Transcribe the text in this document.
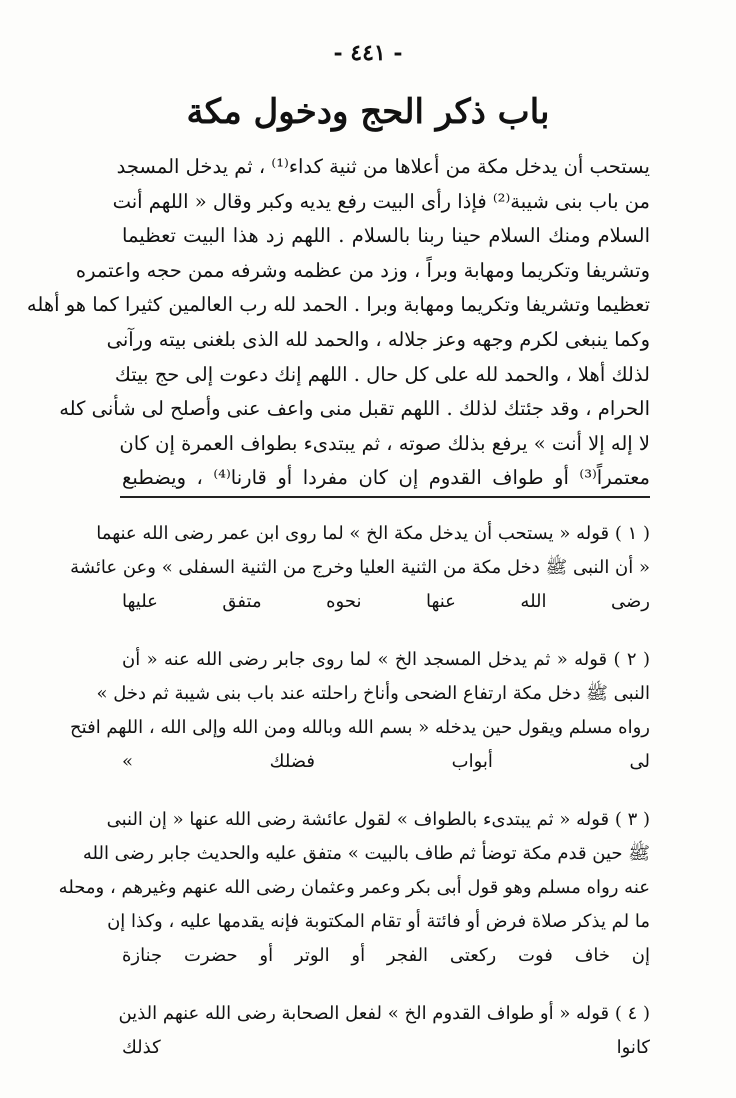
- ٤٤١ -
باب ذكر الحج ودخول مكة
يستحب أن يدخل مكة من أعلاها من ثنية كداء⁽¹⁾ ، ثم يدخل المسجد
من باب بنى شيبة⁽²⁾ فإذا رأى البيت رفع يديه وكبر وقال « اللهم أنت
السلام ومنك السلام حينا ربنا بالسلام . اللهم زد هذا البيت تعظيما
وتشريفا وتكريما ومهابة وبراً ، وزد من عظمه وشرفه ممن حجه واعتمره
تعظيما وتشريفا وتكريما ومهابة وبرا . الحمد لله رب العالمين كثيرا كما هو أهله
وكما ينبغى لكرم وجهه وعز جلاله ، والحمد لله الذى بلغنى بيته ورآنى
لذلك أهلا ، والحمد لله على كل حال . اللهم إنك دعوت إلى حج بيتك
الحرام ، وقد جئتك لذلك . اللهم تقبل منى واعف عنى وأصلح لى شأنى كله
لا إله إلا أنت » يرفع بذلك صوته ، ثم يبتدىء بطواف العمرة إن كان
معتمراً⁽³⁾ أو طواف القدوم إن كان مفردا أو قارنا⁽⁴⁾ ، ويضطبع
( ١ ) قوله « يستحب أن يدخل مكة الخ » لما روى ابن عمر رضى الله عنهما
« أن النبى ﷺ دخل مكة من الثنية العليا وخرج من الثنية السفلى » وعن عائشة
رضى الله عنها نحوه متفق عليها
( ٢ ) قوله « ثم يدخل المسجد الخ » لما روى جابر رضى الله عنه « أن
النبى ﷺ دخل مكة ارتفاع الضحى وأناخ راحلته عند باب بنى شيبة ثم دخل »
رواه مسلم ويقول حين يدخله « بسم الله وبالله ومن الله وإلى الله ، اللهم افتح
لى أبواب فضلك »
( ٣ ) قوله « ثم يبتدىء بالطواف » لقول عائشة رضى الله عنها « إن النبى
ﷺ حين قدم مكة توضأ ثم طاف بالبيت » متفق عليه والحديث جابر رضى الله
عنه رواه مسلم وهو قول أبى بكر وعمر وعثمان رضى الله عنهم وغيرهم ، ومحله
ما لم يذكر صلاة فرض أو فائتة أو تقام المكتوبة فإنه يقدمها عليه ، وكذا إن
إن خاف فوت ركعتى الفجر أو الوتر أو حضرت جنازة
( ٤ ) قوله « أو طواف القدوم الخ » لفعل الصحابة رضى الله عنهم الذين
كانوا كذلك
